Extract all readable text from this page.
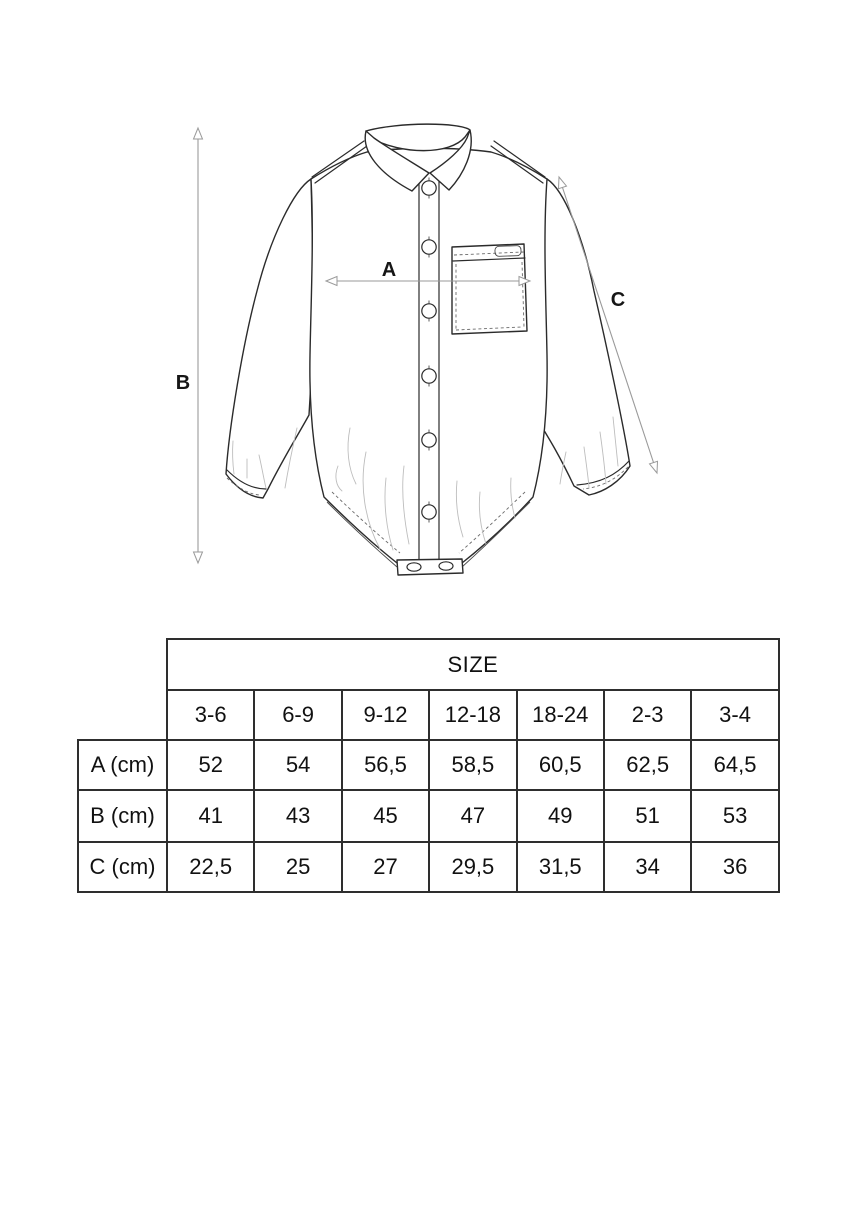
A
B
C
	SIZE						
	3-6	6-9	9-12	12-18	18-24	2-3	3-4
A (cm)	52	54	56,5	58,5	60,5	62,5	64,5
B (cm)	41	43	45	47	49	51	53
C (cm)	22,5	25	27	29,5	31,5	34	36
